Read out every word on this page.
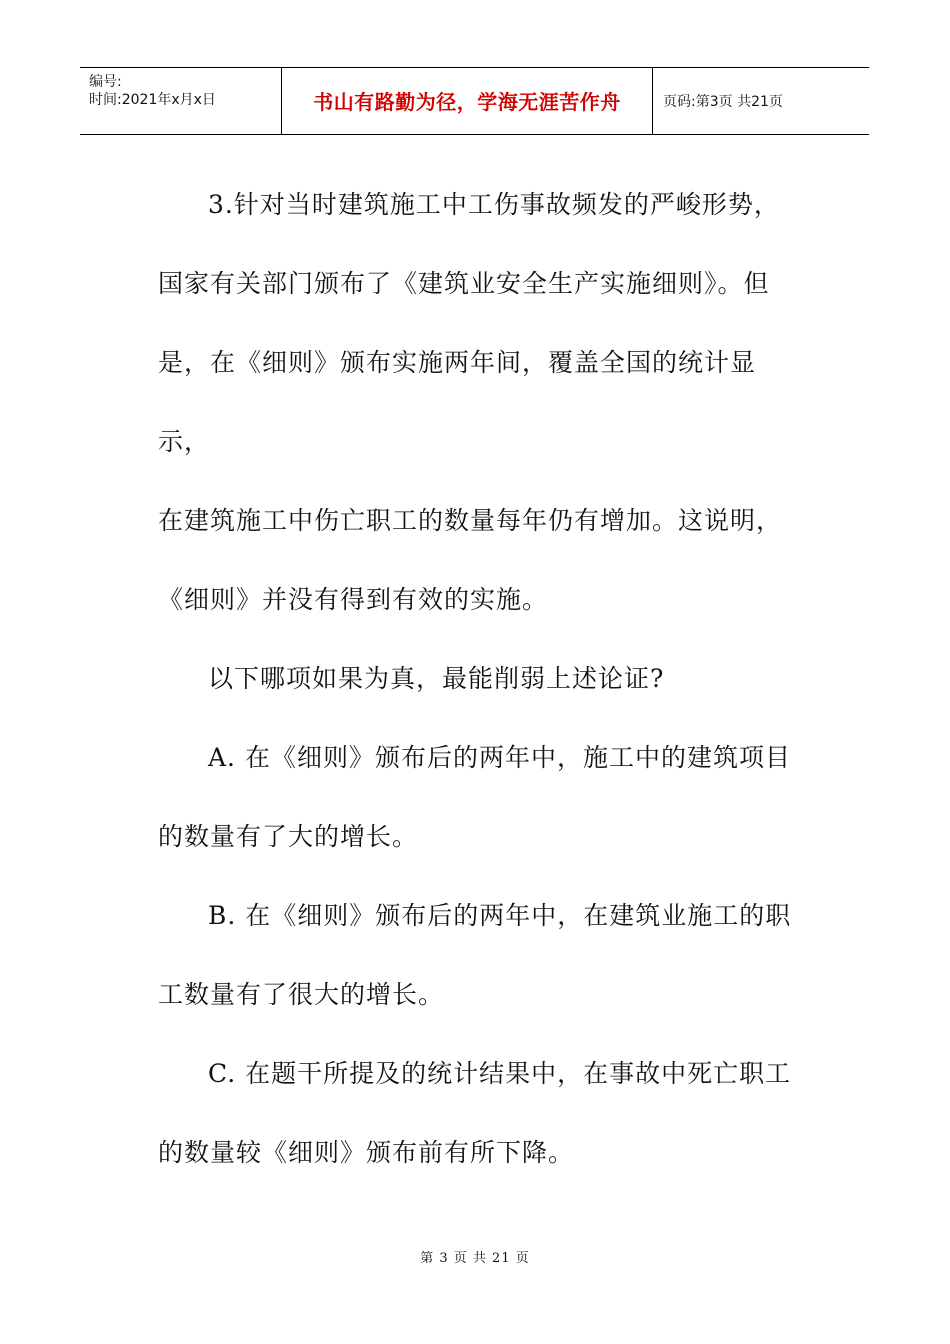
编号:
时间:2021年x月x日	书山有路勤为径，学海无涯苦作舟	页码:第3页 共21页

3.针对当时建筑施工中工伤事故频发的严峻形势，

国家有关部门颁布了《建筑业安全生产实施细则》。但

是，在《细则》颁布实施两年间，覆盖全国的统计显示，

在建筑施工中伤亡职工的数量每年仍有增加。这说明，

《细则》并没有得到有效的实施。

以下哪项如果为真，最能削弱上述论证?

A. 在《细则》颁布后的两年中，施工中的建筑项目

的数量有了大的增长。

B. 在《细则》颁布后的两年中，在建筑业施工的职

工数量有了很大的增长。

C. 在题干所提及的统计结果中，在事故中死亡职工

的数量较《细则》颁布前有所下降。

第 3 页 共 21 页
